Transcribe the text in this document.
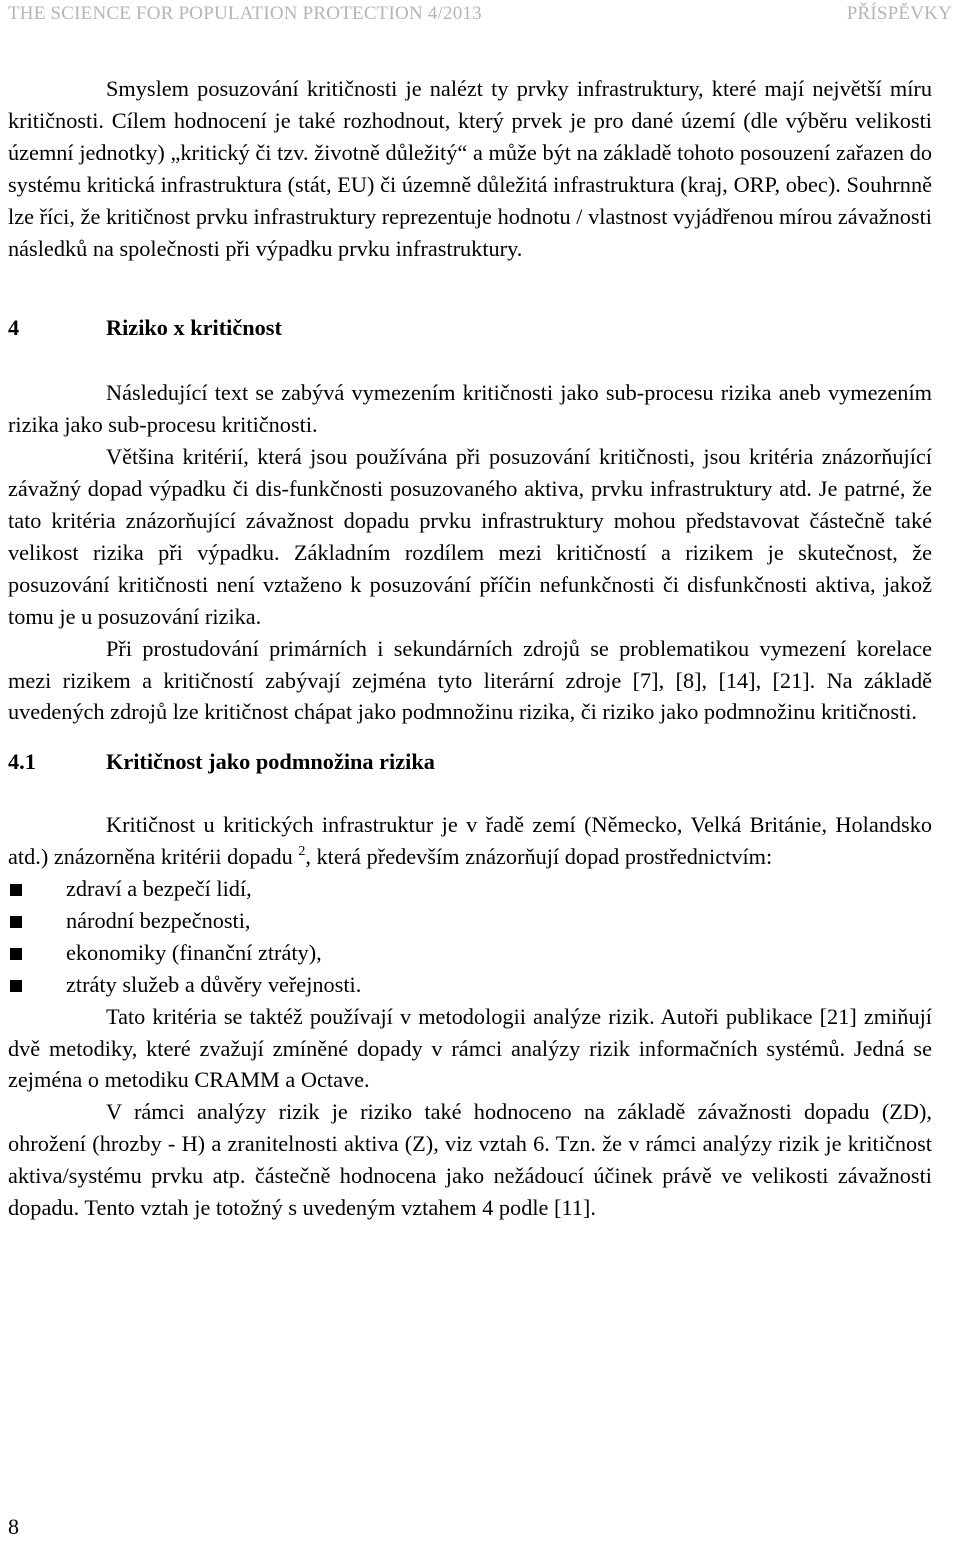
THE SCIENCE FOR POPULATION PROTECTION 4/2013	PŘÍSPĚVKY

Smyslem posuzování kritičnosti je nalézt ty prvky infrastruktury, které mají největší míru kritičnosti. Cílem hodnocení je také rozhodnout, který prvek je pro dané území (dle výběru velikosti územní jednotky) „kritický či tzv. životně důležitý“ a může být na základě tohoto posouzení zařazen do systému kritická infrastruktura (stát, EU) či územně důležitá infrastruktura (kraj, ORP, obec). Souhrnně lze říci, že kritičnost prvku infrastruktury reprezentuje hodnotu / vlastnost vyjádřenou mírou závažnosti následků na společnosti při výpadku prvku infrastruktury.

4	Riziko x kritičnost

Následující text se zabývá vymezením kritičnosti jako sub-procesu rizika aneb vymezením rizika jako sub-procesu kritičnosti.

Většina kritérií, která jsou používána při posuzování kritičnosti, jsou kritéria znázorňující závažný dopad výpadku či dis-funkčnosti posuzovaného aktiva, prvku infrastruktury atd. Je patrné, že tato kritéria znázorňující závažnost dopadu prvku infrastruktury mohou představovat částečně také velikost rizika při výpadku. Základním rozdílem mezi kritičností a rizikem je skutečnost, že posuzování kritičnosti není vztaženo k posuzování příčin nefunkčnosti či disfunkčnosti aktiva, jakož tomu je u posuzování rizika.

Při prostudování primárních i sekundárních zdrojů se problematikou vymezení korelace mezi rizikem a kritičností zabývají zejména tyto literární zdroje [7], [8], [14], [21]. Na základě uvedených zdrojů lze kritičnost chápat jako podmnožinu rizika, či riziko jako podmnožinu kritičnosti.

4.1	Kritičnost jako podmnožina rizika

Kritičnost u kritických infrastruktur je v řadě zemí (Německo, Velká Británie, Holandsko atd.) znázorněna kritérii dopadu $^2$, která především znázorňují dopad prostřednictvím:

zdraví a bezpečí lidí,
národní bezpečnosti,
ekonomiky (finanční ztráty),
ztráty služeb a důvěry veřejnosti.

Tato kritéria se taktéž používají v metodologii analýze rizik. Autoři publikace [21] zmiňují dvě metodiky, které zvažují zmíněné dopady v rámci analýzy rizik informačních systémů. Jedná se zejména o metodiku CRAMM a Octave.

V rámci analýzy rizik je riziko také hodnoceno na základě závažnosti dopadu (ZD), ohrožení (hrozby - H) a zranitelnosti aktiva (Z), viz vztah 6. Tzn. že v rámci analýzy rizik je kritičnost aktiva/systému prvku atp. částečně hodnocena jako nežádoucí účinek právě ve velikosti závažnosti dopadu. Tento vztah je totožný s uvedeným vztahem 4 podle [11].

8
